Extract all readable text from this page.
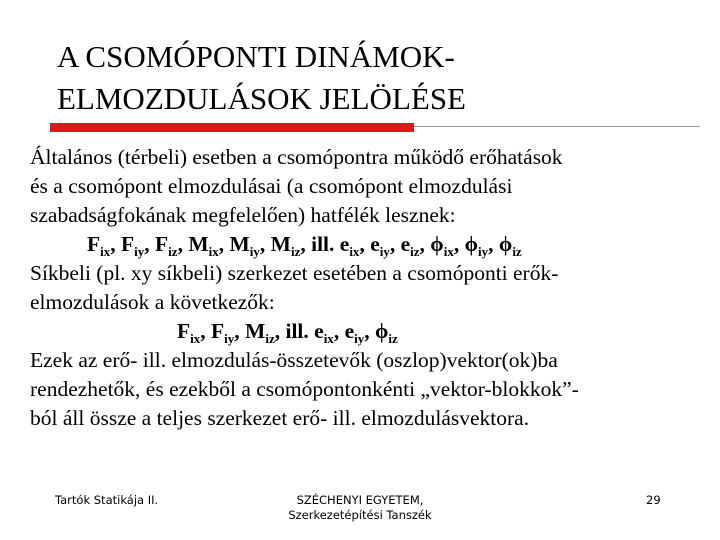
A CSOMÓPONTI DINÁMOK-
ELMOZDULÁSOK JELÖLÉSE
Általános (térbeli) esetben a csomópontra működő erőhatások
és a csomópont elmozdulásai (a csomópont elmozdulási
szabadságfokának megfelelően) hatfélék lesznek:
$F_{ix}$, $F_{iy}$, $F_{iz}$, $M_{ix}$, $M_{iy}$, $M_{iz}$, ill. $e_{ix}$, $e_{iy}$, $e_{iz}$, $\phi_{ix}$, $\phi_{iy}$, $\phi_{iz}$
Síkbeli (pl. xy síkbeli) szerkezet esetében a csomóponti erők-
elmozdulások a következők:
$F_{ix}$, $F_{iy}$, $M_{iz}$, ill. $e_{ix}$, $e_{iy}$, $\phi_{iz}$
Ezek az erő- ill. elmozdulás-összetevők (oszlop)vektor(ok)ba
rendezhetők, és ezekből a csomópontonkénti „vektor-blokkok”-
ból áll össze a teljes szerkezet erő- ill. elmozdulásvektora.
Tartók Statikája II.	SZÉCHENYI EGYETEM,
Szerkezetépítési Tanszék
29
